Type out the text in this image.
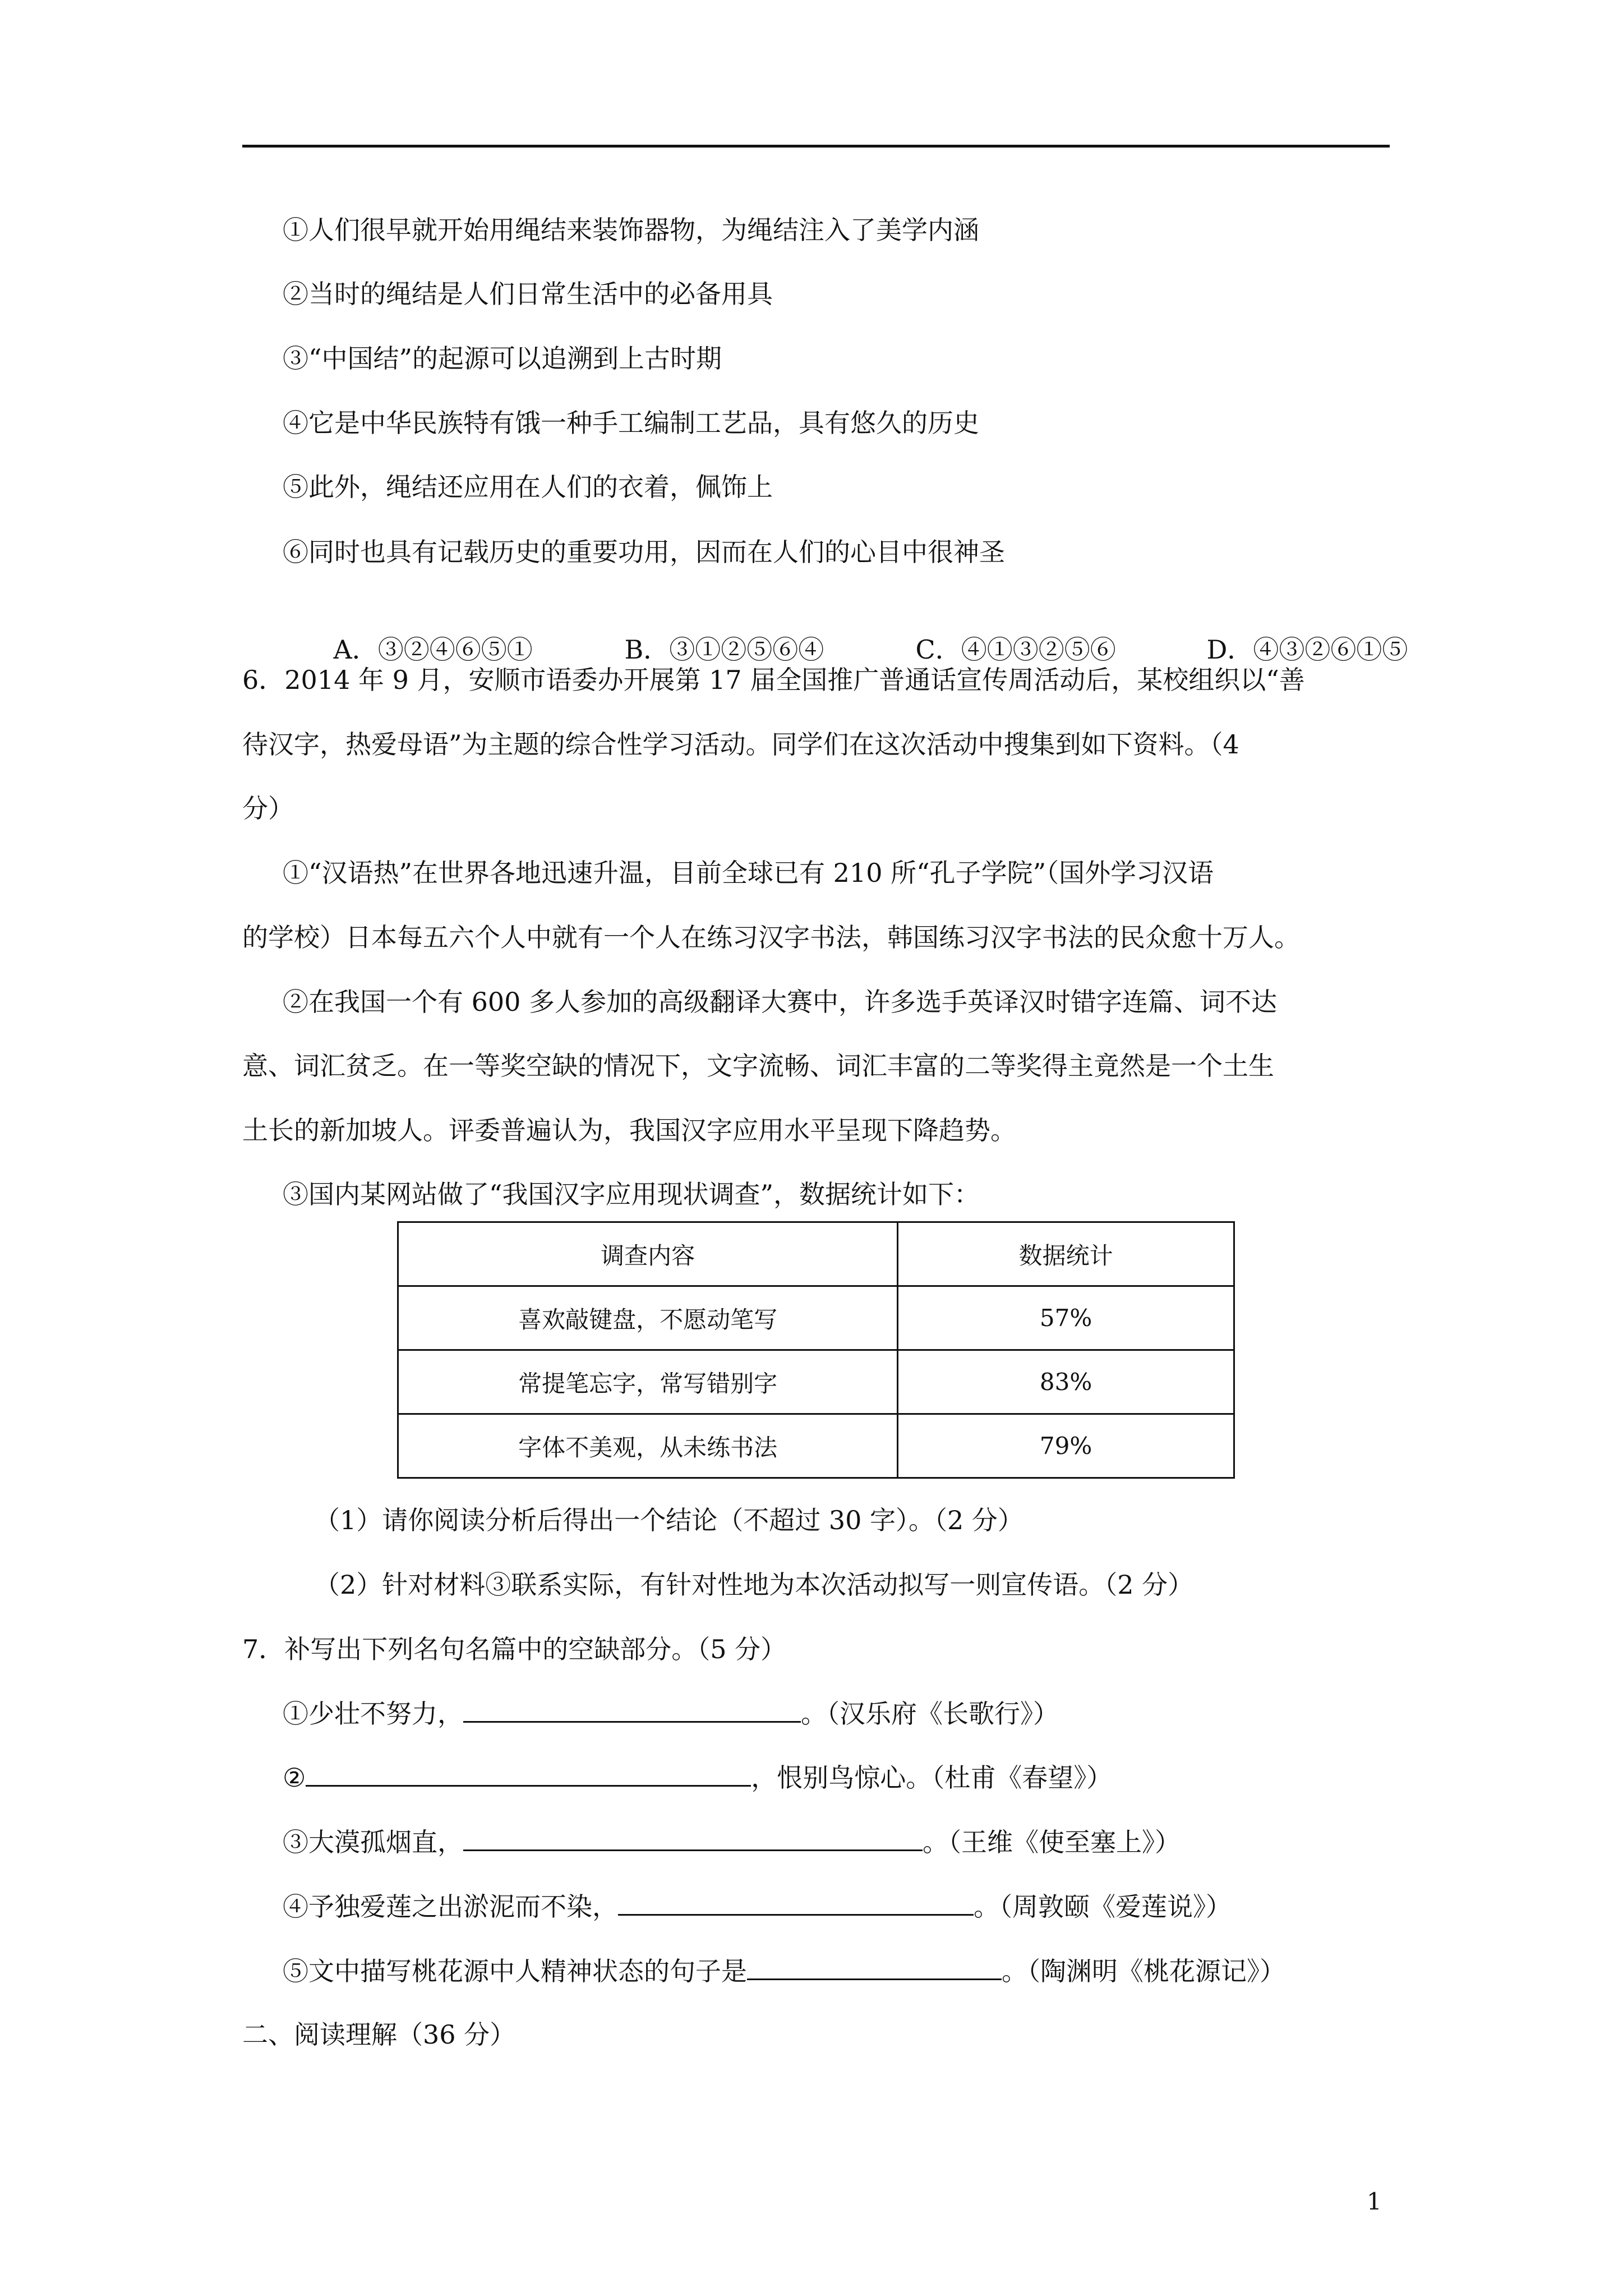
①人们很早就开始用绳结来装饰器物，为绳结注入了美学内涵
②当时的绳结是人们日常生活中的必备用具
③“中国结”的起源可以追溯到上古时期
④它是中华民族特有饿一种手工编制工艺品，具有悠久的历史
⑤此外，绳结还应用在人们的衣着，佩饰上
⑥同时也具有记载历史的重要功用，因而在人们的心目中很神圣

A．③②④⑥⑤①	B．③①②⑤⑥④	C．④①③②⑤⑥	D．④③②⑥①⑤

6．2014 年 9 月，安顺市语委办开展第 17 届全国推广普通话宣传周活动后，某校组织以“善
待汉字，热爱母语”为主题的综合性学习活动。同学们在这次活动中搜集到如下资料。（4
分）
①“汉语热”在世界各地迅速升温，目前全球已有 210 所“孔子学院”（国外学习汉语
的学校）日本每五六个人中就有一个人在练习汉字书法，韩国练习汉字书法的民众愈十万人。
②在我国一个有 600 多人参加的高级翻译大赛中，许多选手英译汉时错字连篇、词不达
意、词汇贫乏。在一等奖空缺的情况下，文字流畅、词汇丰富的二等奖得主竟然是一个土生
土长的新加坡人。评委普遍认为，我国汉字应用水平呈现下降趋势。
③国内某网站做了“我国汉字应用现状调查”，数据统计如下：
调查内容	数据统计
喜欢敲键盘，不愿动笔写	57%
常提笔忘字，常写错别字	83%
字体不美观，从未练书法	79%
（1）请你阅读分析后得出一个结论（不超过 30 字）。（2 分）
（2）针对材料③联系实际，有针对性地为本次活动拟写一则宣传语。（2 分）
7．补写出下列名句名篇中的空缺部分。（5 分）
①少壮不努力，	。（汉乐府《长歌行》）
②	，恨别鸟惊心。（杜甫《春望》）
③大漠孤烟直，	。（王维《使至塞上》）
④予独爱莲之出淤泥而不染，	。（周敦颐《爱莲说》）
⑤文中描写桃花源中人精神状态的句子是	。（陶渊明《桃花源记》）
二、阅读理解（36 分）
1
